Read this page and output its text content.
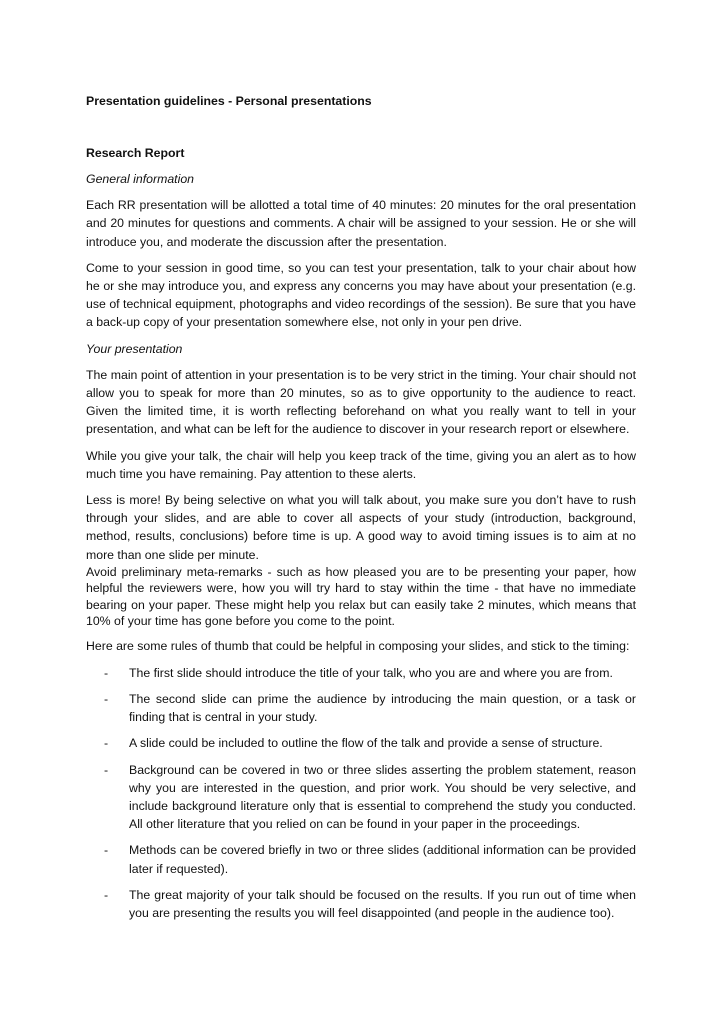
Presentation guidelines - Personal presentations

Research Report

General information

Each RR presentation will be allotted a total time of 40 minutes: 20 minutes for the oral presentation and 20 minutes for questions and comments. A chair will be assigned to your session. He or she will introduce you, and moderate the discussion after the presentation.

Come to your session in good time, so you can test your presentation, talk to your chair about how he or she may introduce you, and express any concerns you may have about your presentation (e.g. use of technical equipment, photographs and video recordings of the session). Be sure that you have a back-up copy of your presentation somewhere else, not only in your pen drive.

Your presentation

The main point of attention in your presentation is to be very strict in the timing. Your chair should not allow you to speak for more than 20 minutes, so as to give opportunity to the audience to react. Given the limited time, it is worth reflecting beforehand on what you really want to tell in your presentation, and what can be left for the audience to discover in your research report or elsewhere.

While you give your talk, the chair will help you keep track of the time, giving you an alert as to how much time you have remaining. Pay attention to these alerts.

Less is more! By being selective on what you will talk about, you make sure you don’t have to rush through your slides, and are able to cover all aspects of your study (introduction, background, method, results, conclusions) before time is up. A good way to avoid timing issues is to aim at no more than one slide per minute.

Avoid preliminary meta-remarks - such as how pleased you are to be presenting your paper, how helpful the reviewers were, how you will try hard to stay within the time - that have no immediate bearing on your paper. These might help you relax but can easily take 2 minutes, which means that 10% of your time has gone before you come to the point.

Here are some rules of thumb that could be helpful in composing your slides, and stick to the timing:

- The first slide should introduce the title of your talk, who you are and where you are from.
- The second slide can prime the audience by introducing the main question, or a task or finding that is central in your study.
- A slide could be included to outline the flow of the talk and provide a sense of structure.
- Background can be covered in two or three slides asserting the problem statement, reason why you are interested in the question, and prior work. You should be very selective, and include background literature only that is essential to comprehend the study you conducted. All other literature that you relied on can be found in your paper in the proceedings.
- Methods can be covered briefly in two or three slides (additional information can be provided later if requested).
- The great majority of your talk should be focused on the results. If you run out of time when you are presenting the results you will feel disappointed (and people in the audience too).
